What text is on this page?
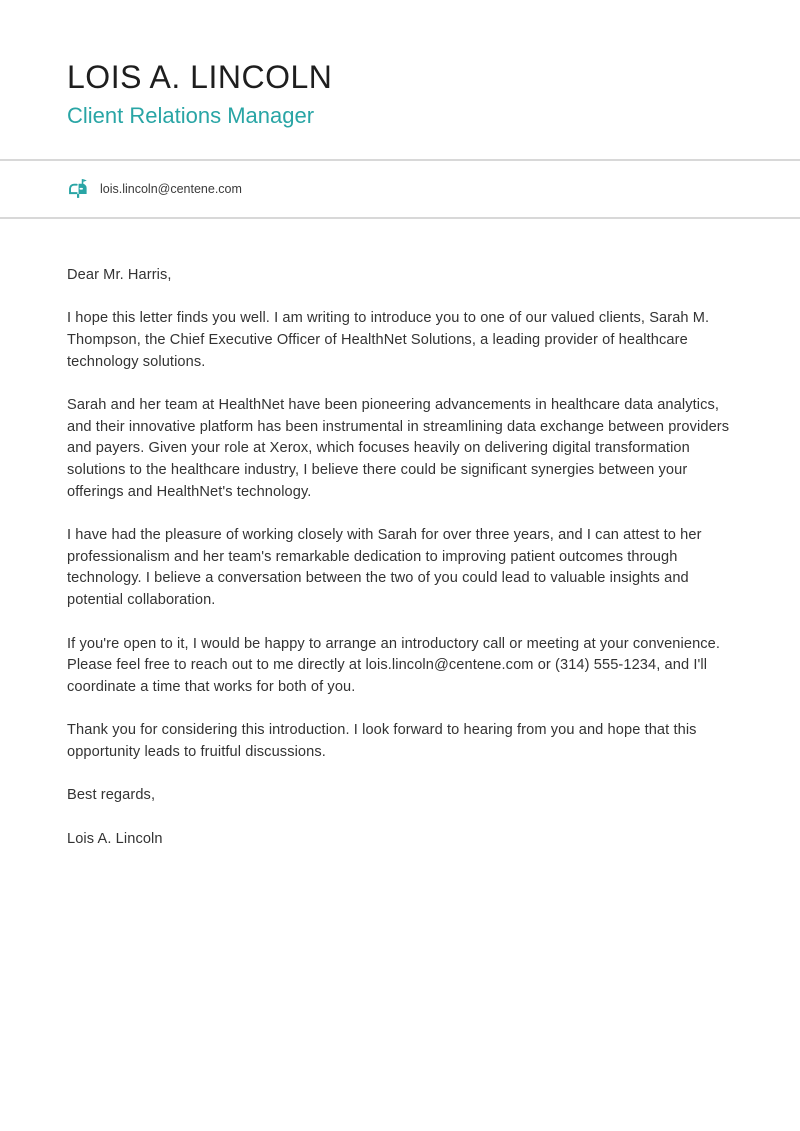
LOIS A. LINCOLN
Client Relations Manager
lois.lincoln@centene.com

Dear Mr. Harris,

I hope this letter finds you well. I am writing to introduce you to one of our valued clients, Sarah M. Thompson, the Chief Executive Officer of HealthNet Solutions, a leading provider of healthcare technology solutions.

Sarah and her team at HealthNet have been pioneering advancements in healthcare data analytics, and their innovative platform has been instrumental in streamlining data exchange between providers and payers. Given your role at Xerox, which focuses heavily on delivering digital transformation solutions to the healthcare industry, I believe there could be significant synergies between your offerings and HealthNet's technology.

I have had the pleasure of working closely with Sarah for over three years, and I can attest to her professionalism and her team's remarkable dedication to improving patient outcomes through technology. I believe a conversation between the two of you could lead to valuable insights and potential collaboration.

If you're open to it, I would be happy to arrange an introductory call or meeting at your convenience. Please feel free to reach out to me directly at lois.lincoln@centene.com or (314) 555-1234, and I'll coordinate a time that works for both of you.

Thank you for considering this introduction. I look forward to hearing from you and hope that this opportunity leads to fruitful discussions.

Best regards,

Lois A. Lincoln
